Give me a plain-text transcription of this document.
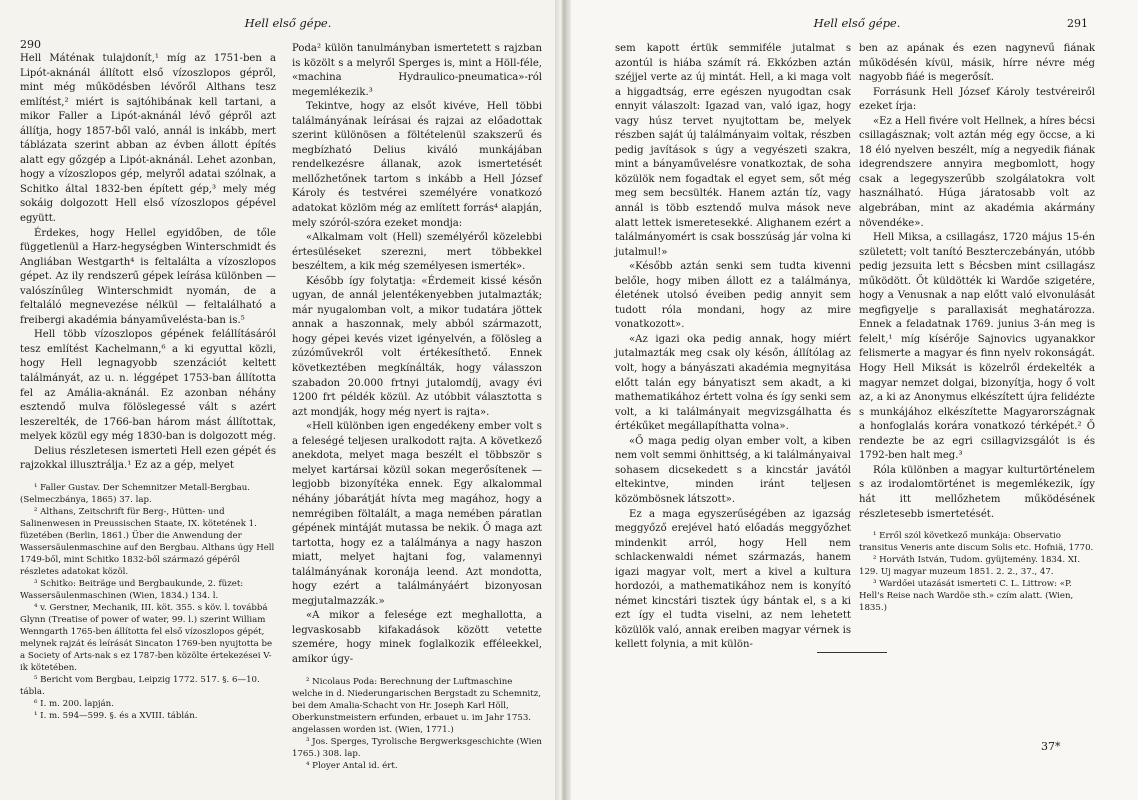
290
Hell első gépe.

Hell Máténak tulajdonít,¹ míg az 1751-ben a Lipót-aknánál állított első vízoszlopos gépről, mint még működésben lévőről Althans tesz említést,² miért is sajtóhibának kell tartani, a mikor Faller a Lipót-aknánál lévő gépről azt állítja, hogy 1857-ből való, annál is inkább, mert táblázata szerint abban az évben állott építés alatt egy gőzgép a Lipót-aknánál. Lehet azonban, hogy a vízoszlopos gép, melyről adatai szólnak, a Schitko által 1832-ben épített gép,³ mely még sokáig dolgozott Hell első vízoszlopos gépével együtt.

Érdekes, hogy Hellel egyidőben, de tőle függetlenül a Harz-hegységben Winterschmidt és Angliában Westgarth⁴ is feltalálta a vízoszlopos gépet. Az ily rendszerű gépek leírása különben — valószínűleg Winterschmidt nyomán, de a feltaláló megnevezése nélkül — feltalálható a freibergi akadémia bányaművelésta-ban is.⁵

Hell több vízoszlopos gépének felállításáról tesz említést Kachelmann,⁶ a ki egyuttal közli, hogy Hell legnagyobb szenzációt keltett találmányát, az u. n. léggépet 1753-ban állította fel az Amália-aknánál. Ez azonban néhány esztendő mulva fölöslegessé vált s azért leszerelték, de 1766-ban három mást állítottak, melyek közül egy még 1830-ban is dolgozott még.

Delius részletesen ismerteti Hell ezen gépét és rajzokkal illusztrálja.¹ Ez az a gép, melyet

¹ Faller Gustav. Der Schemnitzer Metall-Bergbau. (Selmeczbánya, 1865) 37. lap.

² Althans, Zeitschrift für Berg-, Hütten- und Salinenwesen in Preussischen Staate, IX. kötetének 1. füzetében (Berlin, 1861.) Über die Anwendung der Wassersäulenmaschine auf den Bergbau. Althans úgy Hell 1749-ből, mint Schitko 1832-ből származó gépéről részletes adatokat közöl.

³ Schitko: Beiträge und Bergbaukunde, 2. füzet: Wassersäulenmaschinen (Wien, 1834.) 134. l.

⁴ v. Gerstner, Mechanik, III. köt. 355. s köv. l. továbbá Glynn (Treatise of power of water, 99. l.) szerint William Wenngarth 1765-ben állította fel első vízoszlopos gépét, melynek rajzát és leírását Sincaton 1769-ben nyujtotta be a Society of Arts-nak s ez 1787-ben közölte értekezései V-ik kötetében.

⁵ Bericht vom Bergbau, Leipzig 1772. 517. §. 6—10. tábla.

⁶ I. m. 200. lapján.

¹ I. m. 594—599. §. és a XVIII. táblán.

Poda² külön tanulmányban ismertetett s rajzban is közölt s a melyről Sperges is, mint a Höll-féle, «machina Hydraulico-pneumatica»-ról megemlékezik.³

Tekintve, hogy az elsőt kivéve, Hell többi találmányának leírásai és rajzai az előadottak szerint különösen a föltételenül szakszerű és megbízható Delius kiváló munkájában rendelkezésre állanak, azok ismertetését mellőzhetőnek tartom s inkább a Hell József Károly és testvérei személyére vonatkozó adatokat közlöm még az említett forrás⁴ alapján, mely szóról-szóra ezeket mondja:

«Alkalmam volt (Hell) személyéről közelebbi értesüléseket szerezni, mert többekkel beszéltem, a kik még személyesen ismerték».

Később így folytatja: «Érdemeit kissé későn ugyan, de annál jelentékenyebben jutalmazták; már nyugalomban volt, a mikor tudatára jöttek annak a haszonnak, mely abból származott, hogy gépei kevés vizet igényelvén, a fölösleg a zúzóművekről volt értékesíthető. Ennek következtében megkínálták, hogy válasszon szabadon 20.000 frtnyi jutalomdíj, avagy évi 1200 frt példék közül. Az utóbbit választotta s azt mondják, hogy még nyert is rajta».

«Hell különben igen engedékeny ember volt s a feleségé teljesen uralkodott rajta. A következő anekdota, melyet maga beszélt el többször s melyet kartársai közül sokan megerősítenek — legjobb bizonyítéka ennek. Egy alkalommal néhány jóbarátját hívta meg magához, hogy a nemrégiben föltalált, a maga nemében páratlan gépének mintáját mutassa be nekik. Ő maga azt tartotta, hogy ez a találmánya a nagy haszon miatt, melyet hajtani fog, valamennyi találmányának koronája leend. Azt mondotta, hogy ezért a találmányáért bizonyosan megjutalmazzák.»

«A mikor a felesége ezt meghallotta, a legvaskosabb kifakadások között vetette szemére, hogy minek foglalkozik efféleekkel, amikor úgy-

² Nicolaus Poda: Berechnung der Luftmaschine welche in d. Niederungarischen Bergstadt zu Schemnitz, bei dem Amalia-Schacht von Hr. Joseph Karl Höll, Oberkunstmeistern erfunden, erbauet u. im Jahr 1753. angelassen worden ist. (Wien, 1771.)

³ Jos. Sperges, Tyrolische Bergwerksgeschichte (Wien 1765.) 308. lap.

⁴ Ployer Antal id. ért.

Hell első gépe.	291

sem kapott értük semmiféle jutalmat s azontúl is hiába számít rá. Ekkózben aztán széjjel verte az új mintát. Hell, a ki maga volt a higgadtság, erre egészen nyugodtan csak ennyit válaszolt: Igazad van, való igaz, hogy vagy húsz tervet nyujtottam be, melyek részben saját új találmányaim voltak, részben pedig javítások s úgy a vegyészeti szakra, mint a bányaművelésre vonatkoztak, de soha közülök nem fogadtak el egyet sem, sőt még meg sem becsülték. Hanem aztán tíz, vagy annál is több esztendő mulva mások neve alatt lettek ismeretesekké. Alighanem ezért a találmányomért is csak bosszúság jár volna ki jutalmul!»

«Később aztán senki sem tudta kivenni belőle, hogy miben állott ez a találmánya, életének utolsó éveiben pedig annyit sem tudott róla mondani, hogy az mire vonatkozott».

«Az igazi oka pedig annak, hogy miért jutalmazták meg csak oly későn, állítólag az volt, hogy a bányászati akadémia megnyitása előtt talán egy bányatiszt sem akadt, a ki mathematikához értett volna és így senki sem volt, a ki találmányait megvizsgálhatta és értékűket megállapíthatta volna».

«Ő maga pedig olyan ember volt, a kiben nem volt semmi önhittség, a ki találmányaival sohasem dicsekedett s a kincstár javától eltekintve, minden iránt teljesen közömbösnek látszott».

Ez a maga egyszerűségében az igazság meggyőző erejével ható előadás meggyőzhet mindenkit arról, hogy Hell nem schlackenwaldi német származás, hanem igazi magyar volt, mert a kivel a kultura hordozói, a mathematikához nem is konyító német kincstári tisztek úgy bántak el, s a ki ezt így el tudta viselni, az nem lehetett közülök való, annak ereiben magyar vérnek is kellett folynia, a mit külön-

ben az apának és ezen nagynevű fiának működésén kívül, másik, hírre névre még nagyobb fiáé is megerősít.

Forrásunk Hell József Károly testvéreiről ezeket írja:

«Ez a Hell fivére volt Hellnek, a híres bécsi csillagásznak; volt aztán még egy öccse, a ki 18 éló nyelven beszélt, míg a negyedik fiának idegrendszere annyira megbomlott, hogy csak a legegyszerűbb szolgálatokra volt használható. Húga járatosabb volt az algebrában, mint az akadémia akármány növendéke».

Hell Miksa, a csillagász, 1720 május 15-én született; volt tanító Beszterczebányán, utóbb pedig jezsuita lett s Bécsben mint csillagász működött. Őt küldötték ki Wardőe szigetére, hogy a Venusnak a nap előtt való elvonulását megfigyelje s parallaxisát meghatározza. Ennek a feladatnak 1769. junius 3-án meg is felelt,¹ míg kísérője Sajnovics ugyanakkor felismerte a magyar és finn nyelv rokonságát. Hogy Hell Miksát is közelről érdekelték a magyar nemzet dolgai, bizonyítja, hogy ő volt az, a ki az Anonymus elkészített újra felidézte s munkájához elkészítette Magyarországnak a honfoglalás korára vonatkozó térképét.² Ő rendezte be az egri csillagvizsgálót is és 1792-ben halt meg.³

Róla különben a magyar kulturtörténelem s az irodalomtörténet is megemlékezik, így hát itt mellőzhetem működésének részletesebb ismertetését.

¹ Erről szól következő munkája: Observatio transitus Veneris ante discum Solis etc. Hofniä, 1770.

² Horváth István, Tudom. gyüjtemény. 1834. XI. 129. Uj magyar muzeum 1851. 2. 2., 37., 47.

³ Wardőei utazását ismerteti C. L. Littrow: «P. Hell's Reise nach Wardöe sth.» czím alatt. (Wien, 1835.)

37*
